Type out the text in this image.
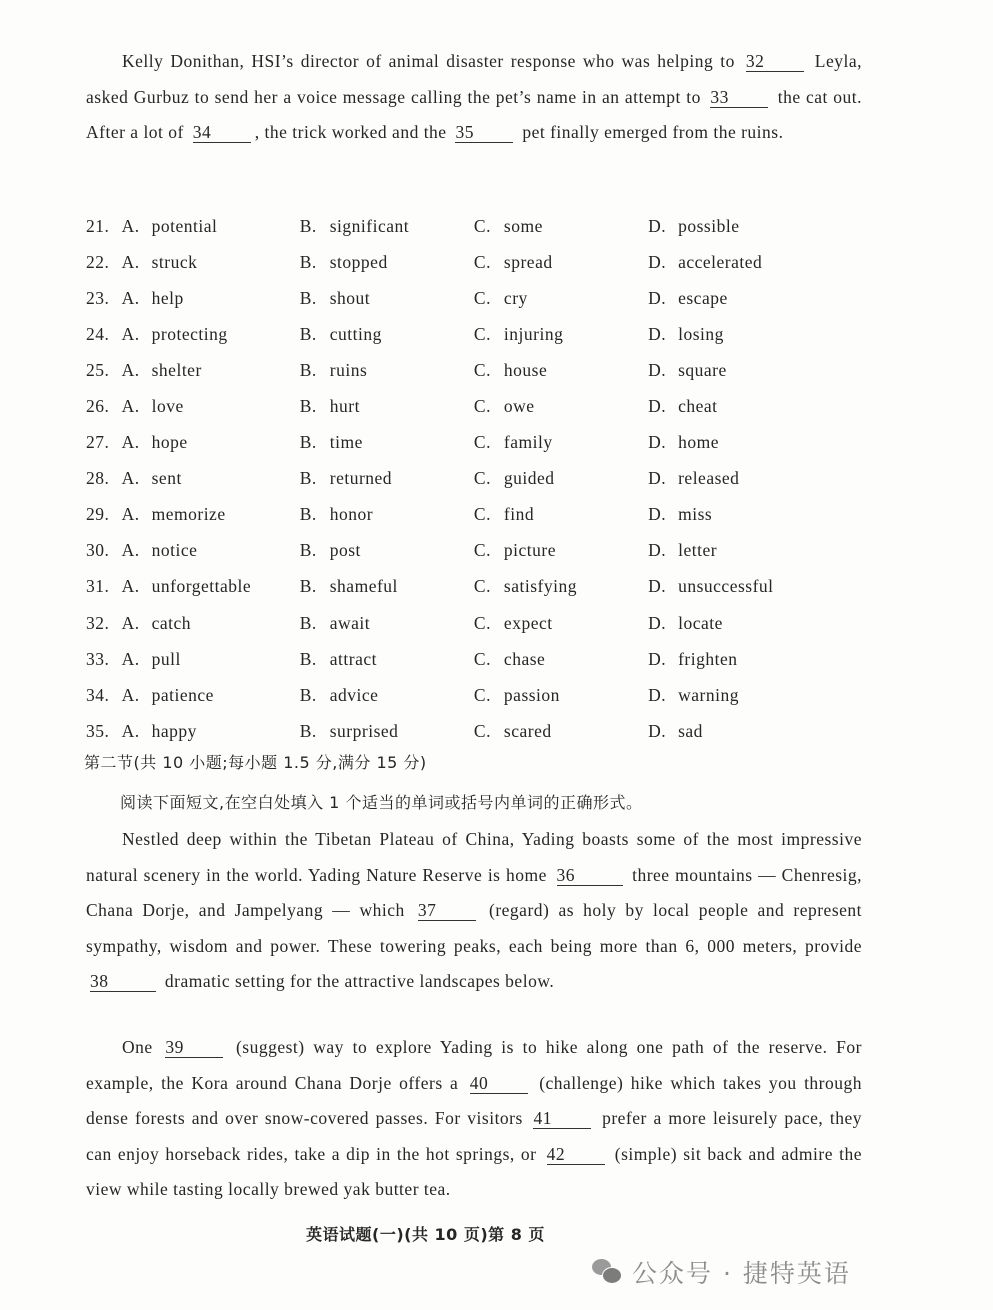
Kelly Donithan, HSI’s director of animal disaster response who was helping to 32	Leyla, asked Gurbuz to send her a voice message calling the pet’s name in an attempt to 33	the cat out. After a lot of 34 , the trick worked and the 35	pet finally emerged from the ruins.

21. A. potential	B. significant	C. some	D. possible
22. A. struck	B. stopped	C. spread	D. accelerated
23. A. help	B. shout	C. cry	D. escape
24. A. protecting	B. cutting	C. injuring	D. losing
25. A. shelter	B. ruins	C. house	D. square
26. A. love	B. hurt	C. owe	D. cheat
27. A. hope	B. time	C. family	D. home
28. A. sent	B. returned	C. guided	D. released
29. A. memorize	B. honor	C. find	D. miss
30. A. notice	B. post	C. picture	D. letter
31. A. unforgettable	B. shameful	C. satisfying	D. unsuccessful
32. A. catch	B. await	C. expect	D. locate
33. A. pull	B. attract	C. chase	D. frighten
34. A. patience	B. advice	C. passion	D. warning
35. A. happy	B. surprised	C. scared	D. sad
第二节(共 10 小题;每小题 1.5 分,满分 15 分)
阅读下面短文,在空白处填入 1 个适当的单词或括号内单词的正确形式。

Nestled deep within the Tibetan Plateau of China, Yading boasts some of the most impressive natural scenery in the world. Yading Nature Reserve is home 36	three mountains — Chenresig, Chana Dorje, and Jampelyang — which 37	(regard) as holy by local people and represent sympathy, wisdom and power. These towering peaks, each being more than 6, 000 meters, provide 38	dramatic setting for the attractive landscapes below.

One 39	(suggest) way to explore Yading is to hike along one path of the reserve. For example, the Kora around Chana Dorje offers a 40	(challenge) hike which takes you through dense forests and over snow-covered passes. For visitors 41	prefer a more leisurely pace, they can enjoy horseback rides, take a dip in the hot springs, or 42	(simple) sit back and admire the view while tasting locally brewed yak butter tea.

英语试题(一)(共 10 页)第 8 页
公众号 · 捷特英语
